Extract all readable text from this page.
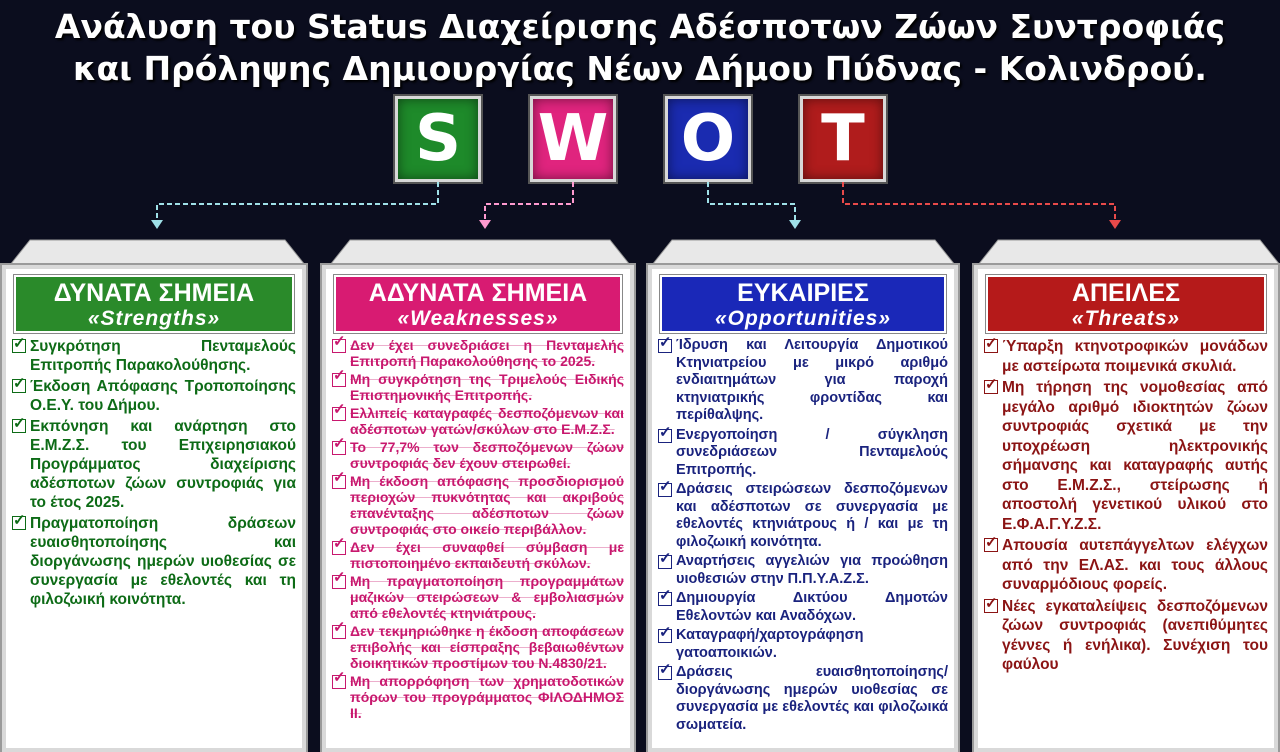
Ανάλυση του Status Διαχείρισης Αδέσποτων Ζώων Συντροφιάς
και Πρόληψης Δημιουργίας Νέων Δήμου Πύδνας - Κολινδρού.
S W O T
ΔΥΝΑΤΑ ΣΗΜΕΙΑ
«Strengths»
✓
Συγκρότηση Πενταμελούς Επιτροπής Παρακολούθησης.
✓
Έκδοση Απόφασης Τροποποίησης Ο.Ε.Υ. του Δήμου.
✓
Εκπόνηση και ανάρτηση στο Ε.Μ.Ζ.Σ. του Επιχειρησιακού Προγράμματος διαχείρισης αδέσποτων ζώων συντροφιάς για το έτος 2025.
✓
Πραγματοποίηση δράσεων ευαισθητοποίησης και διοργάνωσης ημερών υιοθεσίας σε συνεργασία με εθελοντές και τη φιλοζωική κοινότητα.
ΑΔΥΝΑΤΑ ΣΗΜΕΙΑ
«Weaknesses»
✓
Δεν έχει συνεδριάσει η Πενταμελής Επιτροπή Παρακολούθησης το 2025.
✓
Μη συγκρότηση της Τριμελούς Ειδικής Επιστημονικής Επιτροπής.
✓
Ελλιπείς καταγραφές δεσποζόμενων και αδέσποτων γατών/σκύλων στο Ε.Μ.Ζ.Σ.
✓
Το 77,7% των δεσποζόμενων ζώων συντροφιάς δεν έχουν στειρωθεί.
✓
Μη έκδοση απόφασης προσδιορισμού περιοχών πυκνότητας και ακριβούς επανένταξης αδέσποτων ζώων συντροφιάς στο οικείο περιβάλλον.
✓
Δεν έχει συναφθεί σύμβαση με πιστοποιημένο εκπαιδευτή σκύλων.
✓
Μη πραγματοποίηση προγραμμάτων μαζικών στειρώσεων & εμβολιασμών από εθελοντές κτηνιάτρους.
✓
Δεν τεκμηριώθηκε η έκδοση αποφάσεων επιβολής και είσπραξης βεβαιωθέντων διοικητικών προστίμων του Ν.4830/21.
✓
Μη απορρόφηση των χρηματοδοτικών πόρων του προγράμματος ΦΙΛΟΔΗΜΟΣ ΙΙ.
ΕΥΚΑΙΡΙΕΣ
«Opportunities»
✓
Ίδρυση και Λειτουργία Δημοτικού Κτηνιατρείου με μικρό αριθμό ενδιαιτημάτων για παροχή κτηνιατρικής φροντίδας και περίθαλψης.
✓
Ενεργοποίηση / σύγκληση συνεδριάσεων Πενταμελούς Επιτροπής.
✓
Δράσεις στειρώσεων δεσποζόμενων και αδέσποτων σε συνεργασία με εθελοντές κτηνιάτρους ή / και με τη φιλοζωική κοινότητα.
✓
Αναρτήσεις αγγελιών για προώθηση υιοθεσιών στην Π.Π.Υ.Α.Ζ.Σ.
✓
Δημιουργία Δικτύου Δημοτών Εθελοντών και Αναδόχων.
✓
Καταγραφή/χαρτογράφηση γατοαποικιών.
✓
Δράσεις ευαισθητοποίησης/διοργάνωσης ημερών υιοθεσίας σε συνεργασία με εθελοντές και φιλοζωικά σωματεία.
ΑΠΕΙΛΕΣ
«Threats»
✓
Ύπαρξη κτηνοτροφικών μονάδων με αστείρωτα ποιμενικά σκυλιά.
✓
Μη τήρηση της νομοθεσίας από μεγάλο αριθμό ιδιοκτητών ζώων συντροφιάς σχετικά με την υποχρέωση ηλεκτρονικής σήμανσης και καταγραφής αυτής στο Ε.Μ.Ζ.Σ., στείρωσης ή αποστολή γενετικού υλικού στο Ε.Φ.Α.Γ.Υ.Ζ.Σ.
✓
Απουσία αυτεπάγγελτων ελέγχων από την ΕΛ.ΑΣ. και τους άλλους συναρμόδιους φορείς.
✓
Νέες εγκαταλείψεις δεσποζόμενων ζώων συντροφιάς (ανεπιθύμητες γέννες ή ενήλικα). Συνέχιση του φαύλου
